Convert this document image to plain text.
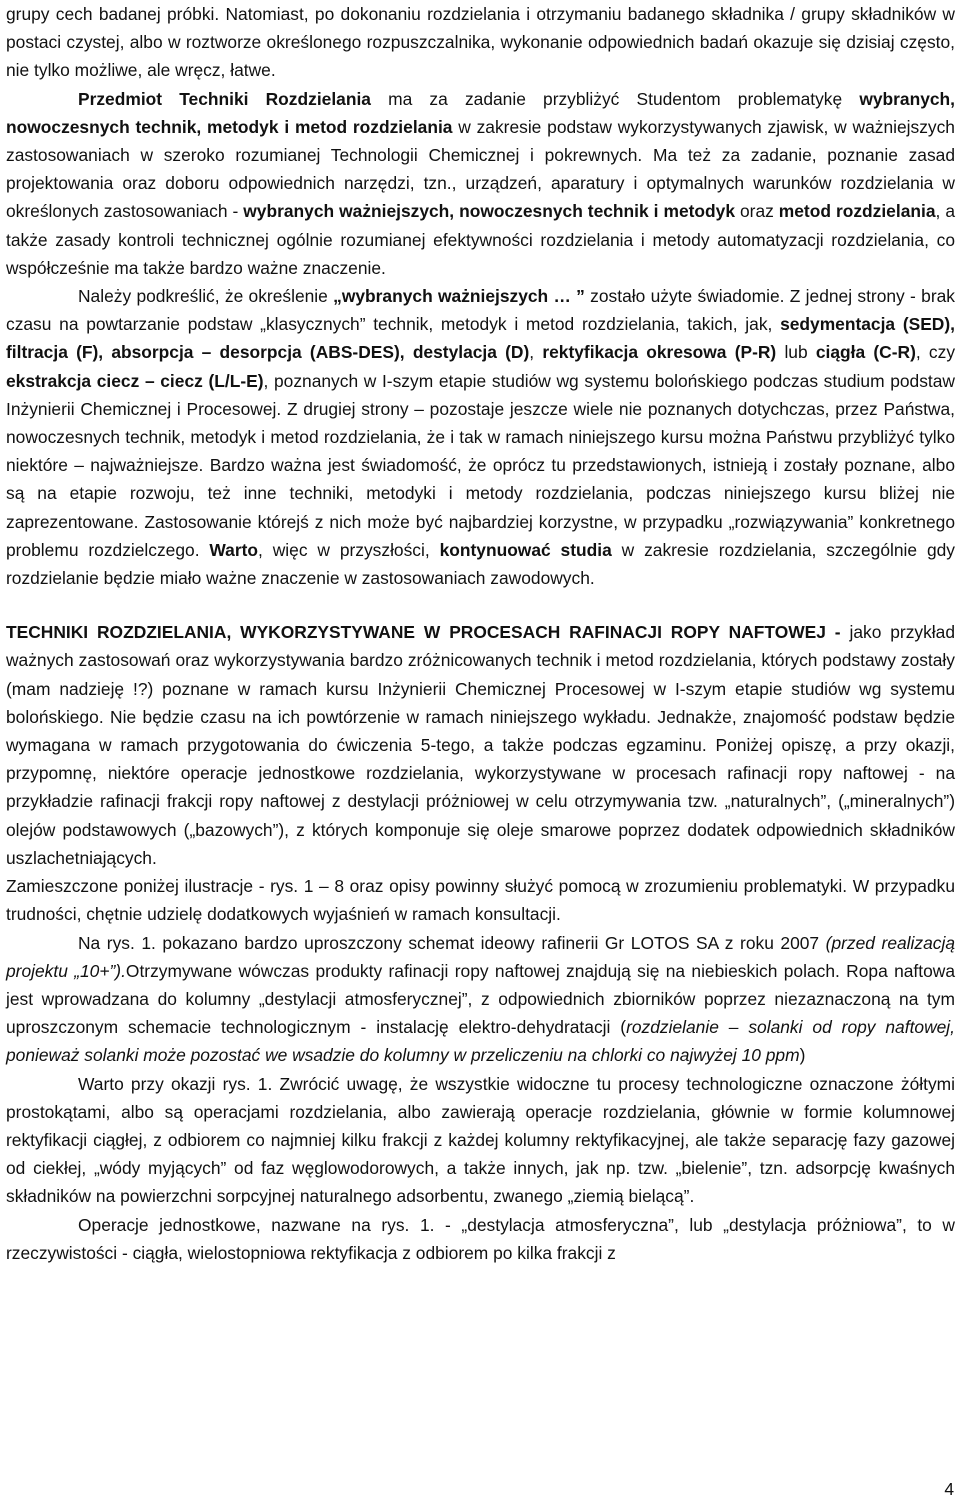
grupy cech badanej próbki. Natomiast, po dokonaniu rozdzielania i otrzymaniu badanego składnika / grupy składników w postaci czystej, albo w roztworze określonego rozpuszczalnika, wykonanie odpowiednich badań okazuje się dzisiaj często, nie tylko możliwe, ale wręcz, łatwe.

Przedmiot Techniki Rozdzielania ma za zadanie przybliżyć Studentom problematykę wybranych, nowoczesnych technik, metodyk i metod rozdzielania w zakresie podstaw wykorzystywanych zjawisk, w ważniejszych zastosowaniach w szeroko rozumianej Technologii Chemicznej i pokrewnych. Ma też za zadanie, poznanie zasad projektowania oraz doboru odpowiednich narzędzi, tzn., urządzeń, aparatury i optymalnych warunków rozdzielania w określonych zastosowaniach - wybranych ważniejszych, nowoczesnych technik i metodyk oraz metod rozdzielania, a także zasady kontroli technicznej ogólnie rozumianej efektywności rozdzielania i metody automatyzacji rozdzielania, co współcześnie ma także bardzo ważne znaczenie.

Należy podkreślić, że określenie „wybranych ważniejszych … ” zostało użyte świadomie. Z jednej strony - brak czasu na powtarzanie podstaw „klasycznych” technik, metodyk i metod rozdzielania, takich, jak, sedymentacja (SED), filtracja (F), absorpcja – desorpcja (ABS-DES), destylacja (D), rektyfikacja okresowa (P-R) lub ciągła (C-R), czy ekstrakcja ciecz – ciecz (L/L-E), poznanych w I-szym etapie studiów wg systemu bolońskiego podczas studium podstaw Inżynierii Chemicznej i Procesowej. Z drugiej strony – pozostaje jeszcze wiele nie poznanych dotychczas, przez Państwa, nowoczesnych technik, metodyk i metod rozdzielania, że i tak w ramach niniejszego kursu można Państwu przybliżyć tylko niektóre – najważniejsze. Bardzo ważna jest świadomość, że oprócz tu przedstawionych, istnieją i zostały poznane, albo są na etapie rozwoju, też inne techniki, metodyki i metody rozdzielania, podczas niniejszego kursu bliżej nie zaprezentowane. Zastosowanie którejś z nich może być najbardziej korzystne, w przypadku „rozwiązywania” konkretnego problemu rozdzielczego. Warto, więc w przyszłości, kontynuować studia w zakresie rozdzielania, szczególnie gdy rozdzielanie będzie miało ważne znaczenie w zastosowaniach zawodowych.

TECHNIKI ROZDZIELANIA, WYKORZYSTYWANE W PROCESACH RAFINACJI ROPY NAFTOWEJ - jako przykład ważnych zastosowań oraz wykorzystywania bardzo zróżnicowanych technik i metod rozdzielania, których podstawy zostały (mam nadzieję !?) poznane w ramach kursu Inżynierii Chemicznej Procesowej w I-szym etapie studiów wg systemu bolońskiego. Nie będzie czasu na ich powtórzenie w ramach niniejszego wykładu. Jednakże, znajomość podstaw będzie wymagana w ramach przygotowania do ćwiczenia 5-tego, a także podczas egzaminu. Poniżej opiszę, a przy okazji, przypomnę, niektóre operacje jednostkowe rozdzielania, wykorzystywane w procesach rafinacji ropy naftowej - na przykładzie rafinacji frakcji ropy naftowej z destylacji próżniowej w celu otrzymywania tzw. „naturalnych”, („mineralnych”) olejów podstawowych („bazowych”), z których komponuje się oleje smarowe poprzez dodatek odpowiednich składników uszlachetniających.

Zamieszczone poniżej ilustracje - rys. 1 – 8 oraz opisy powinny służyć pomocą w zrozumieniu problematyki. W przypadku trudności, chętnie udzielę dodatkowych wyjaśnień w ramach konsultacji.

Na rys. 1. pokazano bardzo uproszczony schemat ideowy rafinerii Gr LOTOS SA z roku 2007 (przed realizacją projektu „10+”).Otrzymywane wówczas produkty rafinacji ropy naftowej znajdują się na niebieskich polach. Ropa naftowa jest wprowadzana do kolumny „destylacji atmosferycznej”, z odpowiednich zbiorników poprzez niezaznaczoną na tym uproszczonym schemacie technologicznym - instalację elektro-dehydratacji (rozdzielanie – solanki od ropy naftowej, ponieważ solanki może pozostać we wsadzie do kolumny w przeliczeniu na chlorki co najwyżej 10 ppm)

Warto przy okazji rys. 1. Zwrócić uwagę, że wszystkie widoczne tu procesy technologiczne oznaczone żółtymi prostokątami, albo są operacjami rozdzielania, albo zawierają operacje rozdzielania, głównie w formie kolumnowej rektyfikacji ciągłej, z odbiorem co najmniej kilku frakcji z każdej kolumny rektyfikacyjnej, ale także separację fazy gazowej od ciekłej, „wódy myjących” od faz węglowodorowych, a także innych, jak np. tzw. „bielenie”, tzn. adsorpcję kwaśnych składników na powierzchni sorpcyjnej naturalnego adsorbentu, zwanego „ziemią bielącą”.

Operacje jednostkowe, nazwane na rys. 1. - „destylacja atmosferyczna”, lub „destylacja próżniowa”, to w rzeczywistości - ciągła, wielostopniowa rektyfikacja z odbiorem po kilka frakcji z

4
